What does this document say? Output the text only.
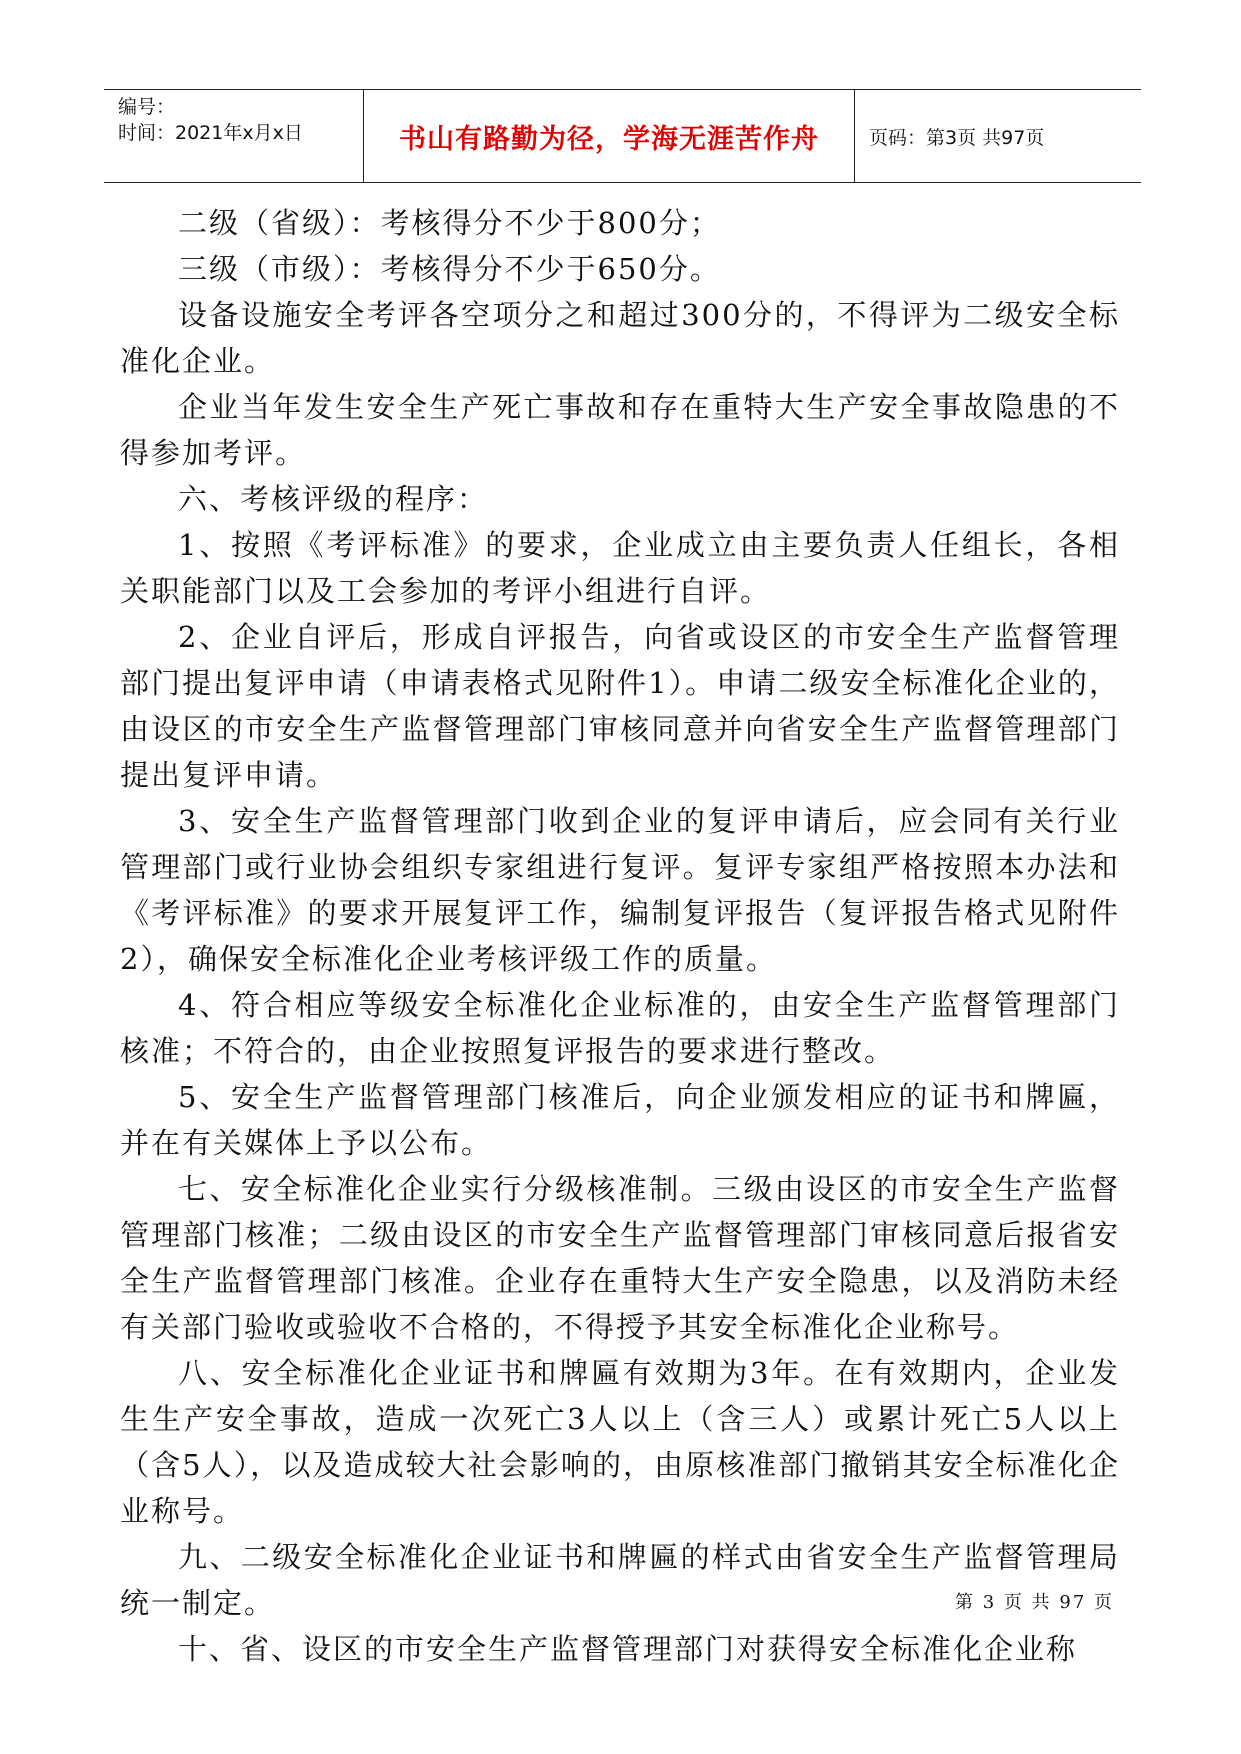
编号：
时间：2021年x月x日	书山有路勤为径，学海无涯苦作舟	页码：第3页 共97页

二级（省级）：考核得分不少于800分；

三级（市级）：考核得分不少于650分。

设备设施安全考评各空项分之和超过300分的，不得评为二级安全标准化企业。

企业当年发生安全生产死亡事故和存在重特大生产安全事故隐患的不得参加考评。

六、考核评级的程序：

1、按照《考评标准》的要求，企业成立由主要负责人任组长，各相关职能部门以及工会参加的考评小组进行自评。

2、企业自评后，形成自评报告，向省或设区的市安全生产监督管理部门提出复评申请（申请表格式见附件1）。申请二级安全标准化企业的，由设区的市安全生产监督管理部门审核同意并向省安全生产监督管理部门提出复评申请。

3、安全生产监督管理部门收到企业的复评申请后，应会同有关行业管理部门或行业协会组织专家组进行复评。复评专家组严格按照本办法和《考评标准》的要求开展复评工作，编制复评报告（复评报告格式见附件2），确保安全标准化企业考核评级工作的质量。

4、符合相应等级安全标准化企业标准的，由安全生产监督管理部门核准；不符合的，由企业按照复评报告的要求进行整改。

5、安全生产监督管理部门核准后，向企业颁发相应的证书和牌匾，并在有关媒体上予以公布。

七、安全标准化企业实行分级核准制。三级由设区的市安全生产监督管理部门核准；二级由设区的市安全生产监督管理部门审核同意后报省安全生产监督管理部门核准。企业存在重特大生产安全隐患，以及消防未经有关部门验收或验收不合格的，不得授予其安全标准化企业称号。

八、安全标准化企业证书和牌匾有效期为3年。在有效期内，企业发生生产安全事故，造成一次死亡3人以上（含三人）或累计死亡5人以上（含5人），以及造成较大社会影响的，由原核准部门撤销其安全标准化企业称号。

九、二级安全标准化企业证书和牌匾的样式由省安全生产监督管理局统一制定。

十、省、设区的市安全生产监督管理部门对获得安全标准化企业称

第 3 页 共 97 页
